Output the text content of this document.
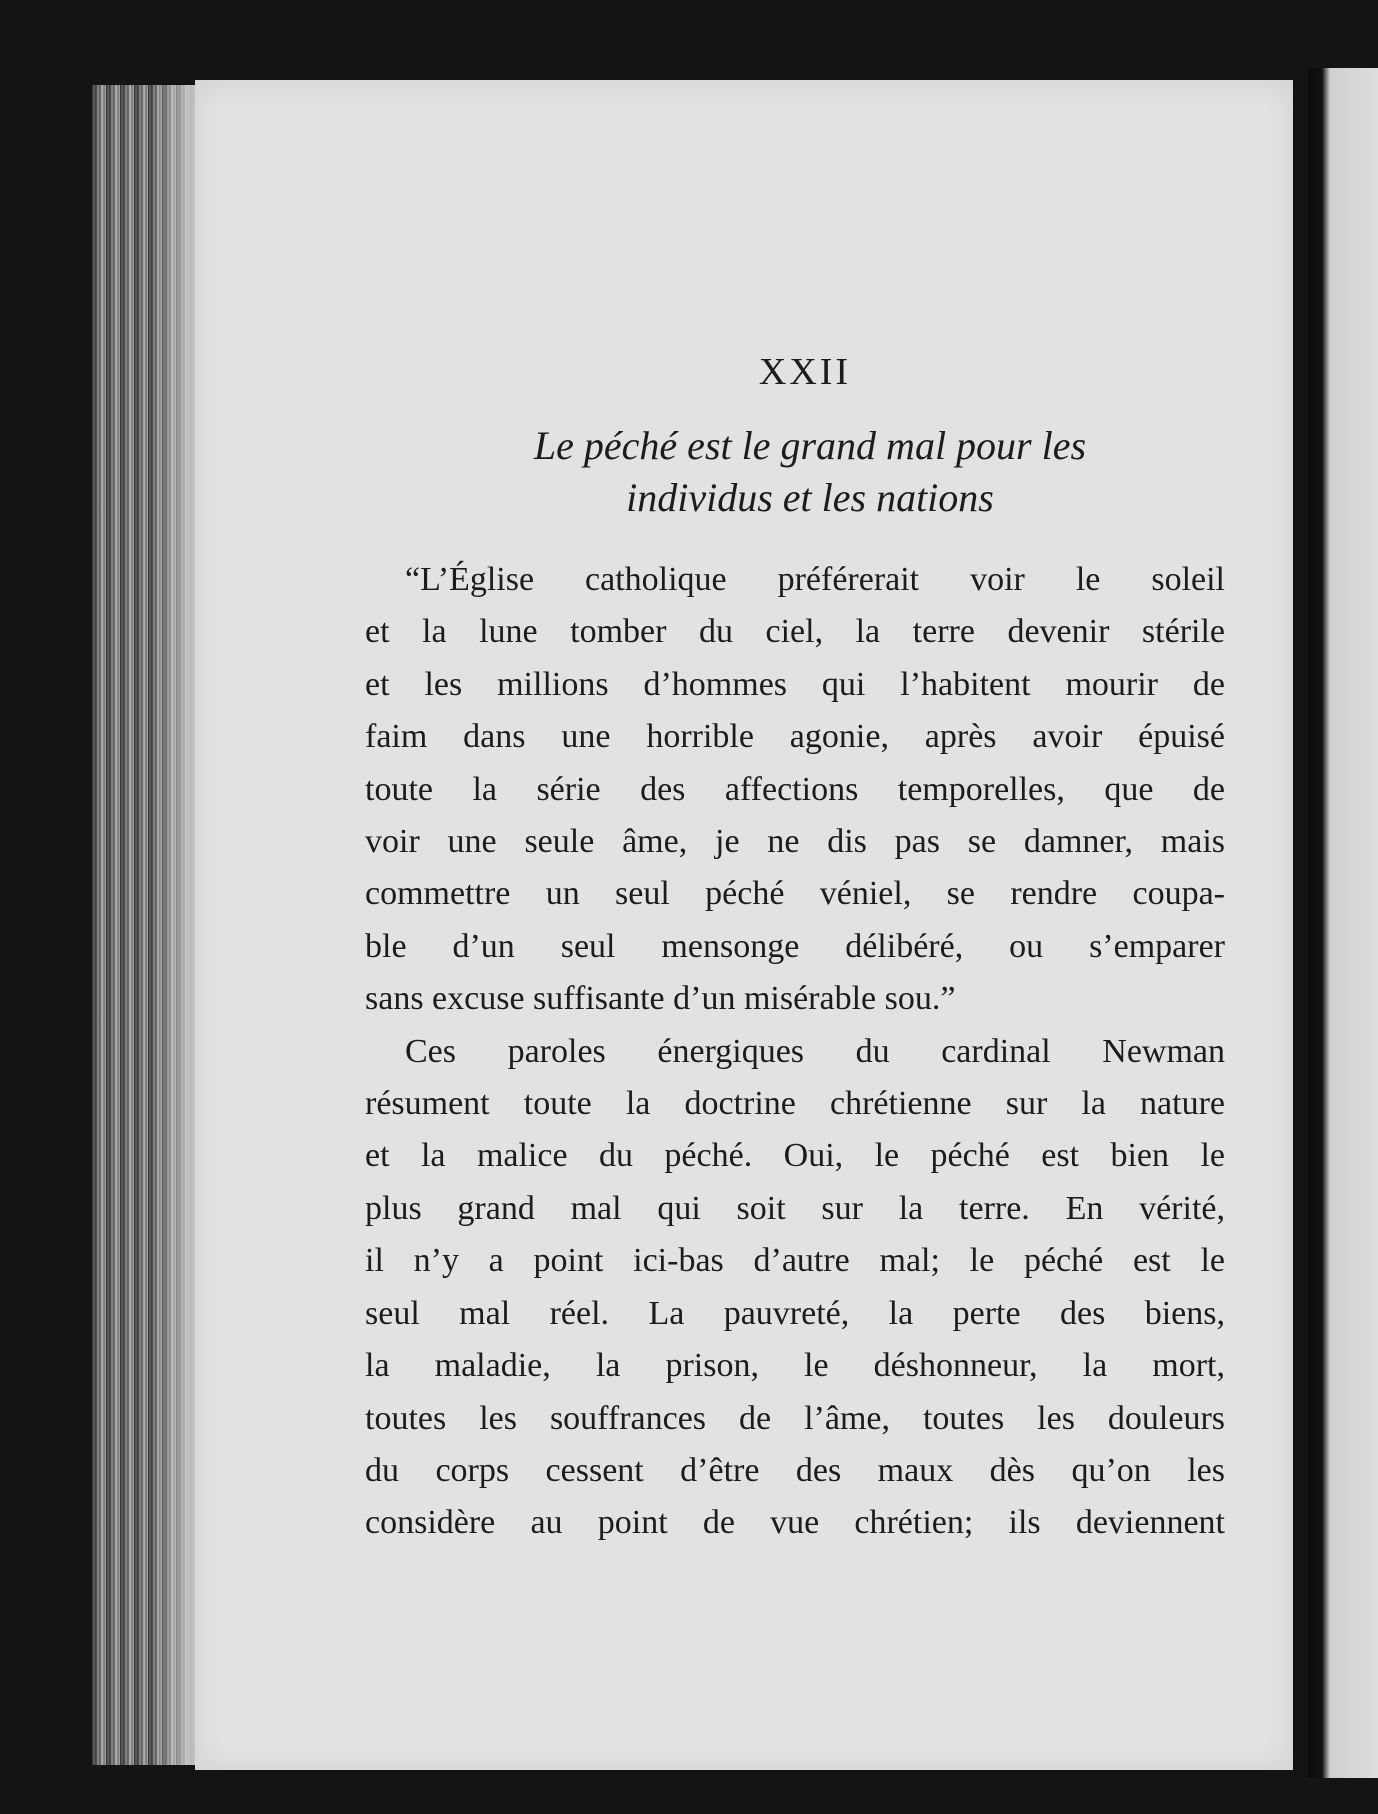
XXII
Le péché est le grand mal pour les
individus et les nations

“L’Église catholique préférerait voir le soleil
et la lune tomber du ciel, la terre devenir stérile
et les millions d’hommes qui l’habitent mourir de
faim dans une horrible agonie, après avoir épuisé
toute la série des affections temporelles, que de
voir une seule âme, je ne dis pas se damner, mais
commettre un seul péché véniel, se rendre coupa-
ble d’un seul mensonge délibéré, ou s’emparer
sans excuse suffisante d’un misérable sou.”

Ces paroles énergiques du cardinal Newman
résument toute la doctrine chrétienne sur la nature
et la malice du péché. Oui, le péché est bien le
plus grand mal qui soit sur la terre. En vérité,
il n’y a point ici-bas d’autre mal; le péché est le
seul mal réel. La pauvreté, la perte des biens,
la maladie, la prison, le déshonneur, la mort,
toutes les souffrances de l’âme, toutes les douleurs
du corps cessent d’être des maux dès qu’on les
considère au point de vue chrétien; ils deviennent
